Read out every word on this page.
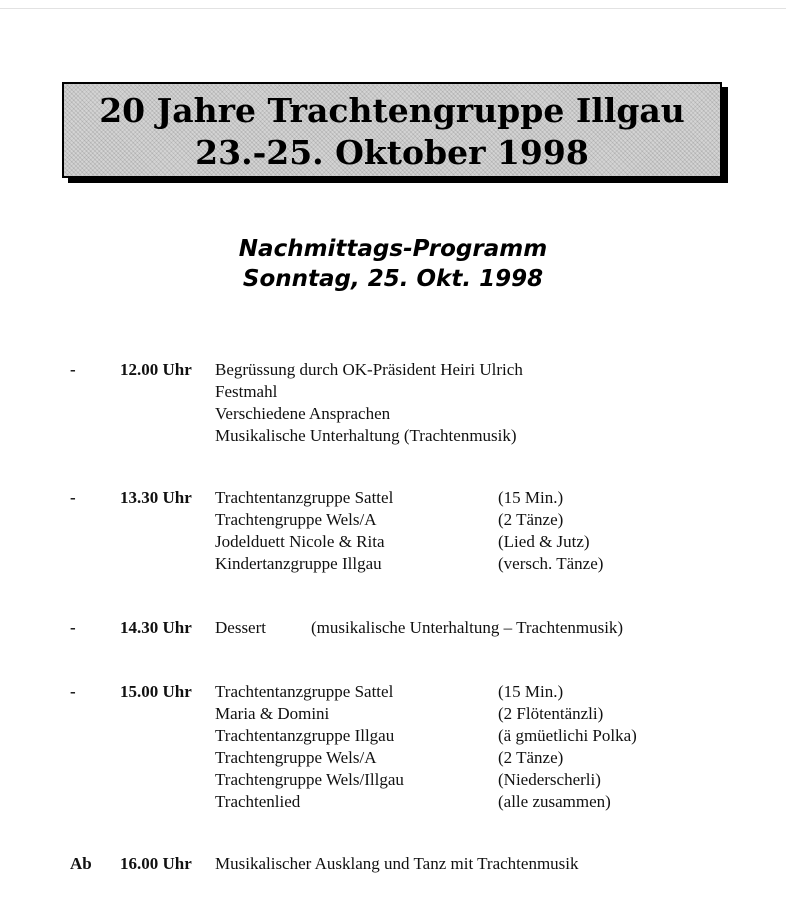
20 Jahre Trachtengruppe Illgau
23.-25. Oktober 1998
Nachmittags-Programm
Sonntag, 25. Okt. 1998
-	12.00 Uhr Begrüssung durch OK-Präsident Heiri Ulrich
Festmahl
Verschiedene Ansprachen
Musikalische Unterhaltung (Trachtenmusik)
-	13.30 Uhr Trachtentanzgruppe Sattel	(15 Min.)
Trachtengruppe Wels/A	(2 Tänze)
Jodelduett Nicole & Rita	(Lied & Jutz)
Kindertanzgruppe Illgau	(versch. Tänze)
-	14.30 Uhr Dessert	(musikalische Unterhaltung – Trachtenmusik)
-	15.00 Uhr Trachtentanzgruppe Sattel	(15 Min.)
Maria & Domini	(2 Flötentänzli)
Trachtentanzgruppe Illgau	(ä gmüetlichi Polka)
Trachtengruppe Wels/A	(2 Tänze)
Trachtengruppe Wels/Illgau	(Niederscherli)
Trachtenlied	(alle zusammen)
Ab 16.00 Uhr Musikalischer Ausklang und Tanz mit Trachtenmusik
